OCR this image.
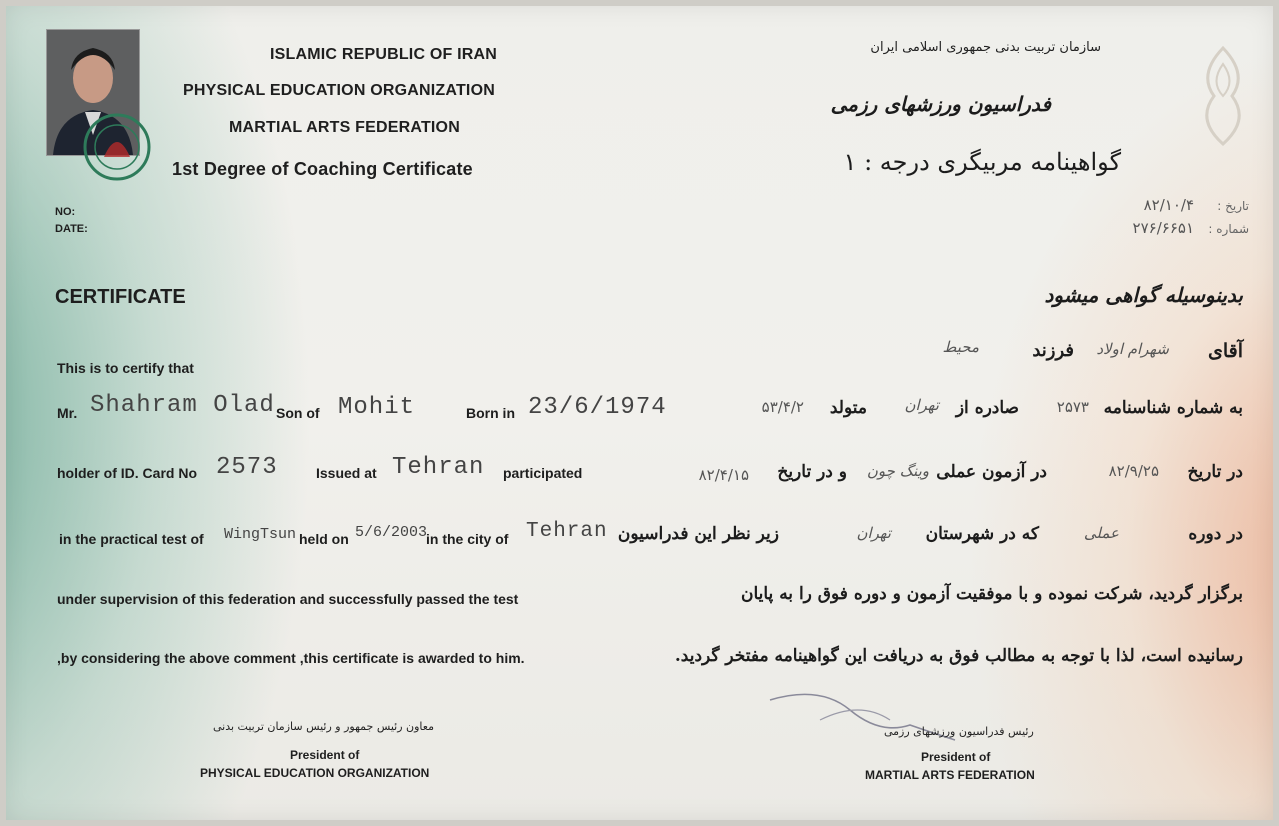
ISLAMIC REPUBLIC OF IRAN
PHYSICAL EDUCATION ORGANIZATION
MARTIAL ARTS FEDERATION
1st Degree of Coaching Certificate
NO:
DATE:
سازمان تربیت بدنی جمهوری اسلامی ایران
فدراسیون ورزشهای رزمی
گواهینامه مربیگری درجه : ۱
تاریخ :
۸۲/۱۰/۴
شماره :
۲۷۶/۶۶۵۱
CERTIFICATE
This is to certify that
Mr. Shahram Olad Son of Mohit	Born in 23/6/1974
holder of ID. Card No 2573	Issued at Tehran participated
in the practical test of WingTsun held on 5/6/2003
in the city of Tehran
under supervision of this federation and successfully passed the test
,by considering the above comment ,this certificate is awarded to him.
بدینوسیله گواهی میشود
آقای
شهرام اولاد
فرزند
محیط
به شماره شناسنامه
۲۵۷۳
صادره از
تهران
متولد
۵۳/۴/۲
در تاریخ
۸۲/۹/۲۵
در آزمون عملی
وینگ چون
و در تاریخ
۸۲/۴/۱۵
در دوره
عملی
که در شهرستان
تهران
زیر نظر این فدراسیون
برگزار گردید، شرکت نموده و با موفقیت آزمون و دوره فوق را به پایان
رسانیده است، لذا با توجه به مطالب فوق به دریافت این گواهینامه مفتخر گردید.
معاون رئیس جمهور و رئیس سازمان تربیت بدنی
President of
PHYSICAL EDUCATION ORGANIZATION
رئیس فدراسیون ورزشهای رزمی
President of
MARTIAL ARTS FEDERATION
